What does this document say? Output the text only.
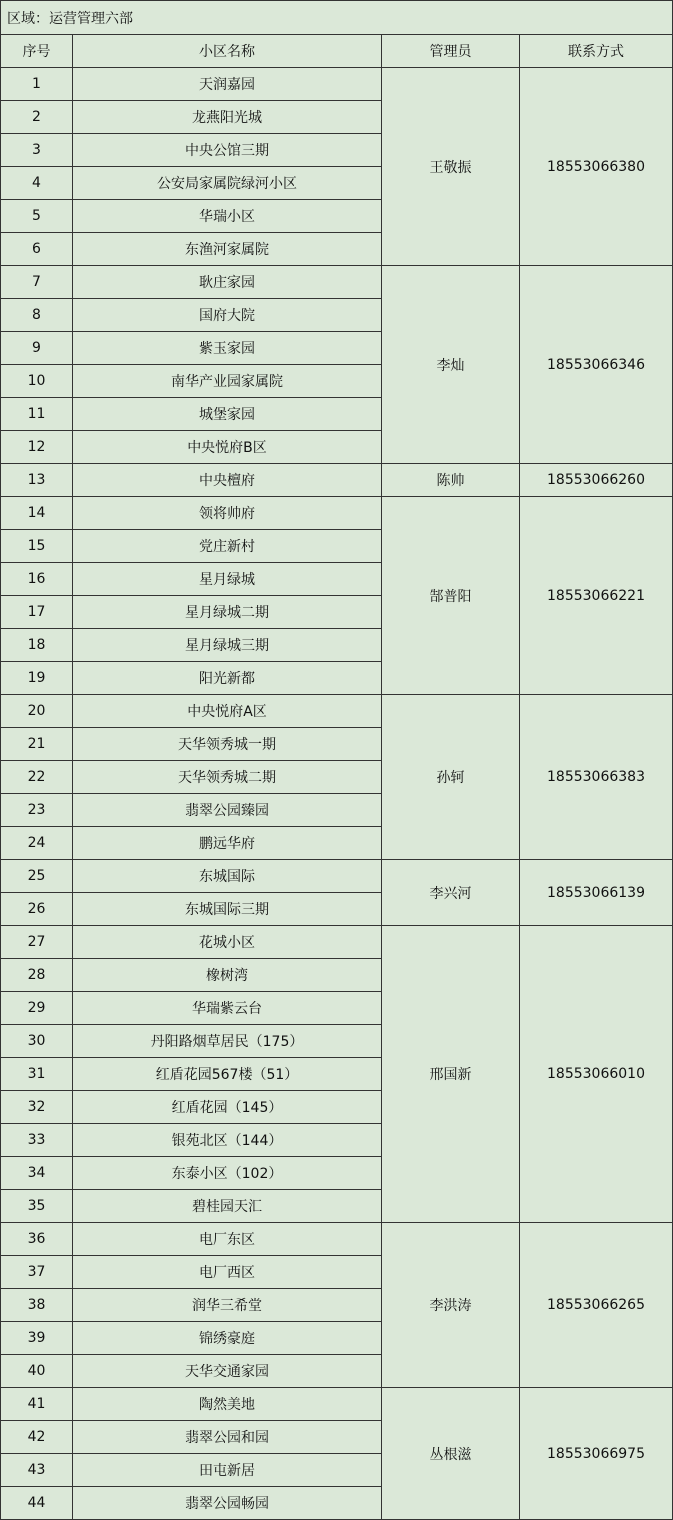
区域：运营管理六部			
序号	小区名称	管理员	联系方式
1	天润嘉园	王敬振	18553066380
2	龙燕阳光城		
3	中央公馆三期		
4	公安局家属院绿河小区		
5	华瑞小区		
6	东渔河家属院		
7	耿庄家园	李灿	18553066346
8	国府大院		
9	紫玉家园		
10	南华产业园家属院		
11	城堡家园		
12	中央悦府B区		
13	中央檀府	陈帅	18553066260
14	领将帅府	郜普阳	18553066221
15	党庄新村		
16	星月绿城		
17	星月绿城二期		
18	星月绿城三期		
19	阳光新都		
20	中央悦府A区	孙轲	18553066383
21	天华领秀城一期		
22	天华领秀城二期		
23	翡翠公园臻园		
24	鹏远华府		
25	东城国际	李兴河	18553066139
26	东城国际三期		
27	花城小区	邢国新	18553066010
28	橡树湾		
29	华瑞紫云台		
30	丹阳路烟草居民（175）		
31	红盾花园567楼（51）		
32	红盾花园（145）		
33	银苑北区（144）		
34	东泰小区（102）		
35	碧桂园天汇		
36	电厂东区	李洪涛	18553066265
37	电厂西区		
38	润华三希堂		
39	锦绣豪庭		
40	天华交通家园		
41	陶然美地	丛根滋	18553066975
42	翡翠公园和园		
43	田屯新居		
44	翡翠公园畅园		
